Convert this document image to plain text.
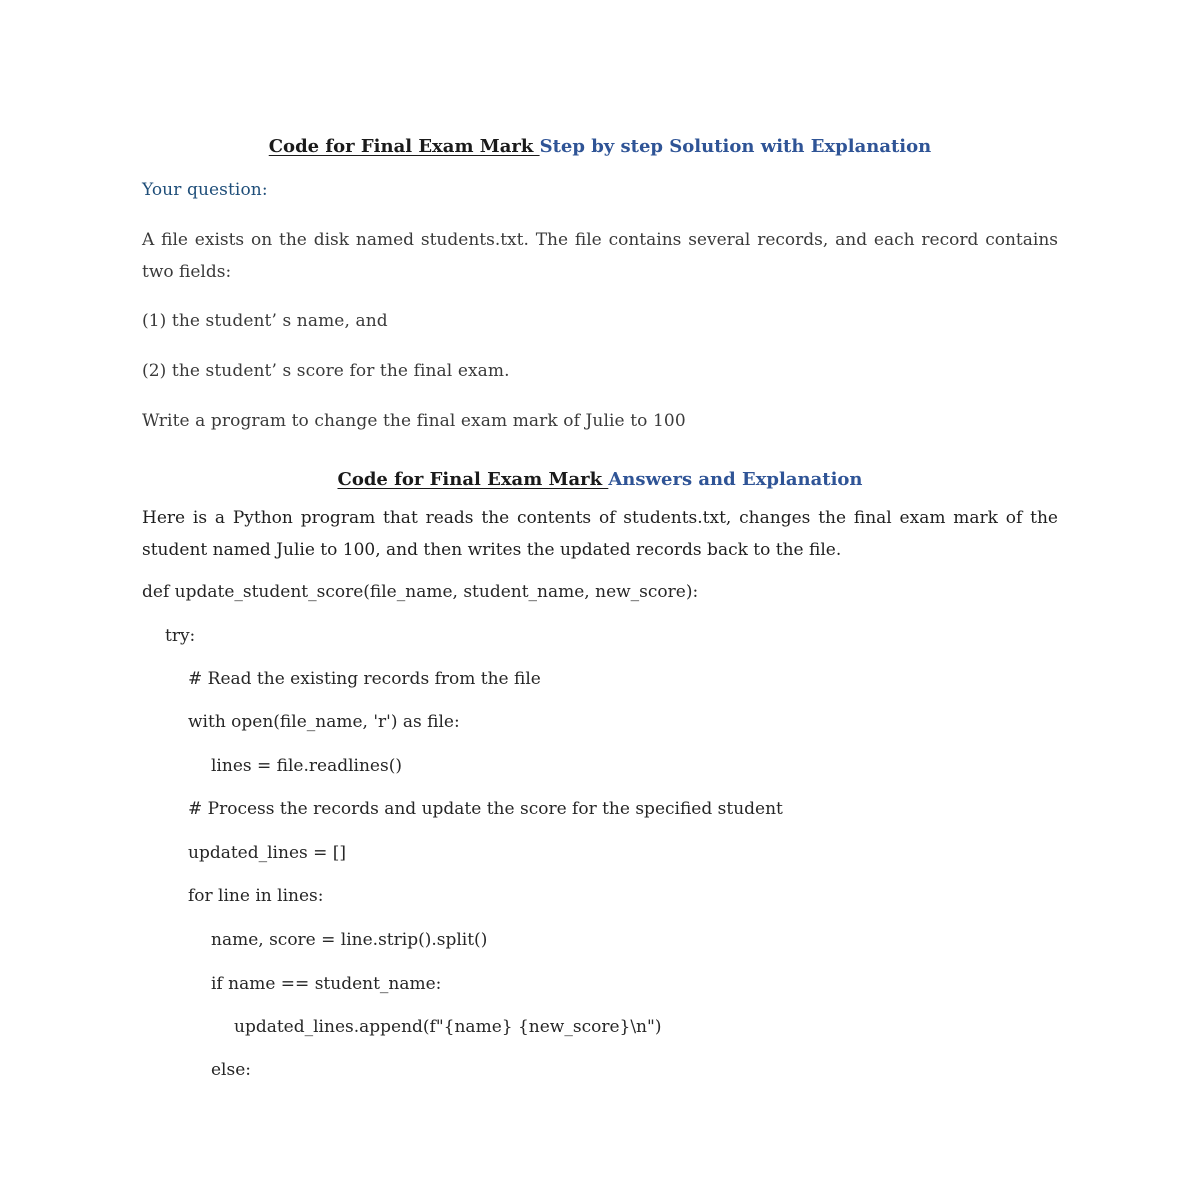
Code for Final Exam Mark Step by step Solution with Explanation
Your question:
A file exists on the disk named students.txt. The file contains several records, and each record contains two fields:
(1) the student’ s name, and
(2) the student’ s score for the final exam.
Write a program to change the final exam mark of Julie to 100
Code for Final Exam Mark Answers and Explanation
Here is a Python program that reads the contents of students.txt, changes the final exam mark of the student named Julie to 100, and then writes the updated records back to the file.
def update_student_score(file_name, student_name, new_score):
try:
# Read the existing records from the file
with open(file_name, 'r') as file:
lines = file.readlines()
# Process the records and update the score for the specified student
updated_lines = []
for line in lines:
name, score = line.strip().split()
if name == student_name:
updated_lines.append(f"{name} {new_score}\n")
else:
